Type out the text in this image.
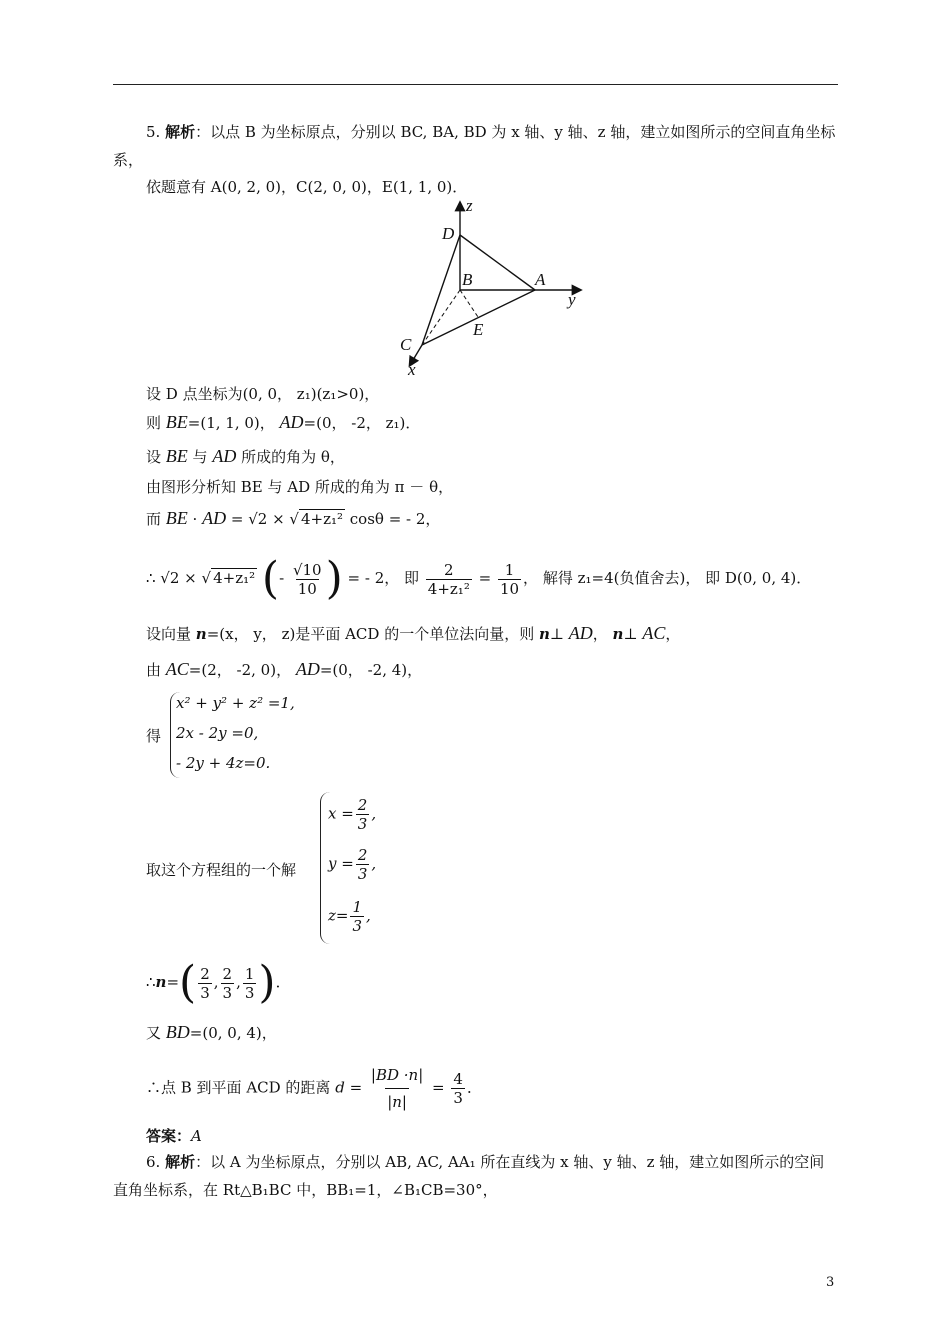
5. 解析：以点 B 为坐标原点，分别以 BC, BA, BD 为 x 轴、y 轴、z 轴，建立如图所示的空间直角坐标
系，
依题意有 A(0, 2, 0)，C(2, 0, 0)，E(1, 1, 0)．
z
D
B	A
y
E
C
x
设 D 点坐标为(0, 0， z₁)(z₁>0)，
则 BE=(1, 1, 0)， AD=(0， -2， z₁)．
设 BE 与 AD 所成的角为 θ，
由图形分析知 BE 与 AD 所成的角为 π － θ，
而 BE · AD = √2 × √ 4+z₁² cosθ = - 2，
∴ √2 × √ 4+z₁² (- $\frac{√10}{10}$ ) = - 2， 即 $\frac{2}{\text{4+z₁²}} = \frac{1}{10}$ ， 解得 z₁=4(负值舍去)， 即 D(0, 0, 4)．
设向量 n=(x， y， z)是平面 ACD 的一个单位法向量，则 n⊥ AD， n⊥ AC，
由 AC=(2， -2, 0)， AD=(0， -2, 4)，
得
x² + y² + z² =1,
2x - 2y =0,
- 2y + 4z=0.
取这个方程组的一个解
$x = \frac{2}{3}$ ,
$y = \frac{2}{3}$ ,
$z= \frac{1}{3}$ ,
∴n=( $\frac{2}{3}$ , $\frac{2}{3}$ , $\frac{1}{3}$ )．
又 BD=(0, 0, 4)，
∴点 B 到平面 ACD 的距离 $d = \frac{|BD \cdot n|}{|n|} = \frac{4}{3}$ ．
答案：A
6. 解析：以 A 为坐标原点，分别以 AB, AC, AA₁ 所在直线为 x 轴、y 轴、z 轴，建立如图所示的空间
直角坐标系，在 Rt△B₁BC 中，BB₁=1，∠B₁CB=30°，
3
